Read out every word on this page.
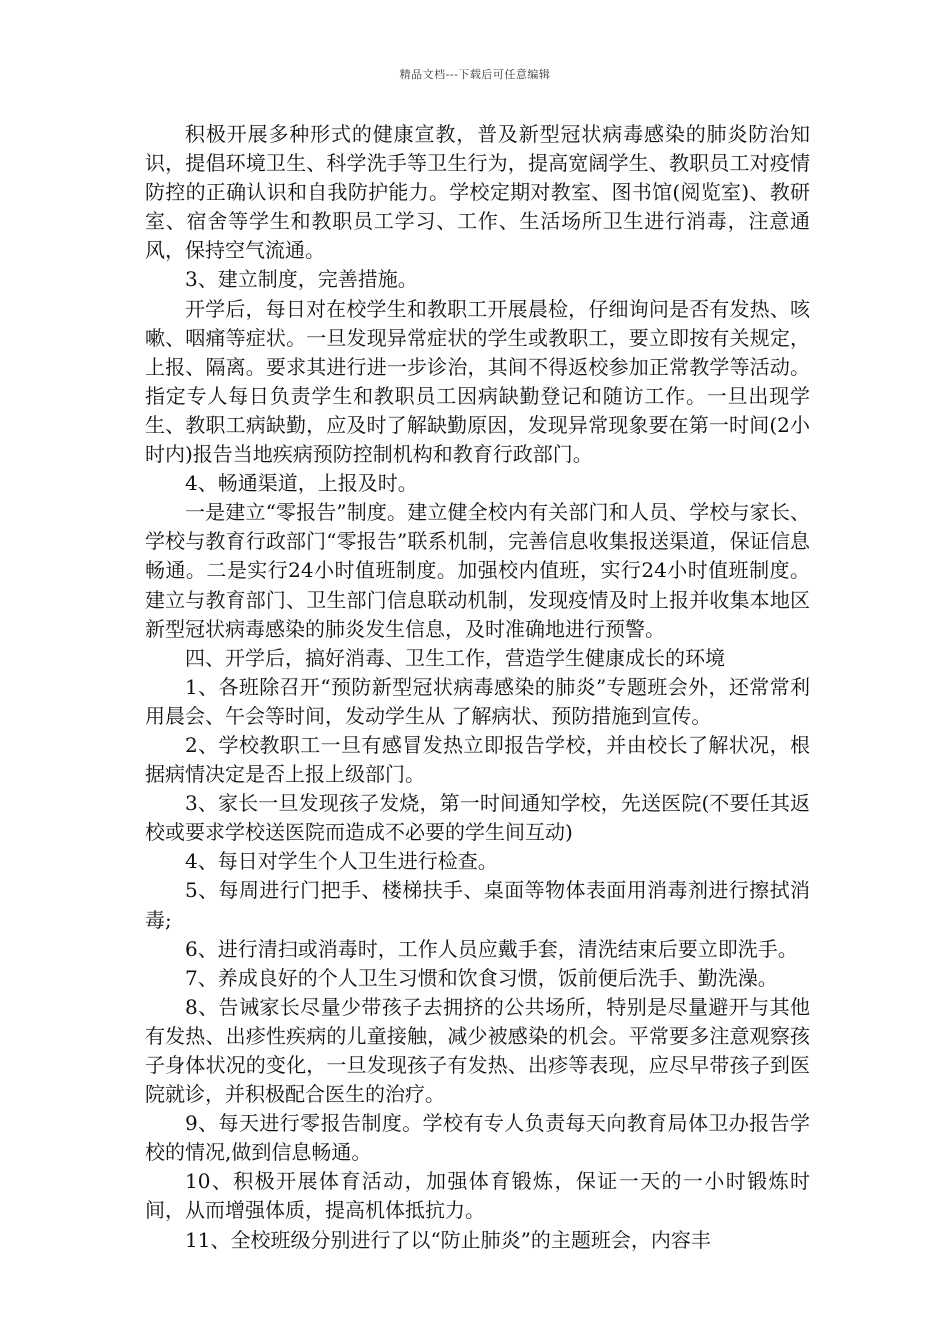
精品文档---下载后可任意编辑

积极开展多种形式的健康宣教，普及新型冠状病毒感染的肺炎防治知识，提倡环境卫生、科学洗手等卫生行为，提高宽阔学生、教职员工对疫情防控的正确认识和自我防护能力。学校定期对教室、图书馆(阅览室)、教研室、宿舍等学生和教职员工学习、工作、生活场所卫生进行消毒，注意通风，保持空气流通。

3、建立制度，完善措施。

开学后，每日对在校学生和教职工开展晨检，仔细询问是否有发热、咳嗽、咽痛等症状。一旦发现异常症状的学生或教职工，要立即按有关规定，上报、隔离。要求其进行进一步诊治，其间不得返校参加正常教学等活动。指定专人每日负责学生和教职员工因病缺勤登记和随访工作。一旦出现学生、教职工病缺勤，应及时了解缺勤原因，发现异常现象要在第一时间(2小时内)报告当地疾病预防控制机构和教育行政部门。

4、畅通渠道，上报及时。

一是建立“零报告”制度。建立健全校内有关部门和人员、学校与家长、学校与教育行政部门“零报告”联系机制，完善信息收集报送渠道，保证信息畅通。二是实行24小时值班制度。加强校内值班，实行24小时值班制度。建立与教育部门、卫生部门信息联动机制，发现疫情及时上报并收集本地区新型冠状病毒感染的肺炎发生信息，及时准确地进行预警。

四、开学后，搞好消毒、卫生工作，营造学生健康成长的环境

1、各班除召开“预防新型冠状病毒感染的肺炎”专题班会外，还常常利用晨会、午会等时间，发动学生从 了解病状、预防措施到宣传。

2、学校教职工一旦有感冒发热立即报告学校，并由校长了解状况，根据病情决定是否上报上级部门。

3、家长一旦发现孩子发烧，第一时间通知学校，先送医院(不要任其返校或要求学校送医院而造成不必要的学生间互动)

4、每日对学生个人卫生进行检查。

5、每周进行门把手、楼梯扶手、桌面等物体表面用消毒剂进行擦拭消毒;

6、进行清扫或消毒时，工作人员应戴手套，清洗结束后要立即洗手。

7、养成良好的个人卫生习惯和饮食习惯，饭前便后洗手、勤洗澡。

8、告诫家长尽量少带孩子去拥挤的公共场所，特别是尽量避开与其他有发热、出疹性疾病的儿童接触，减少被感染的机会。平常要多注意观察孩子身体状况的变化，一旦发现孩子有发热、出疹等表现，应尽早带孩子到医院就诊，并积极配合医生的治疗。

9、每天进行零报告制度。学校有专人负责每天向教育局体卫办报告学校的情况,做到信息畅通。

10、积极开展体育活动，加强体育锻炼，保证一天的一小时锻炼时间，从而增强体质，提高机体抵抗力。

11、全校班级分别进行了以“防止肺炎”的主题班会，内容丰
